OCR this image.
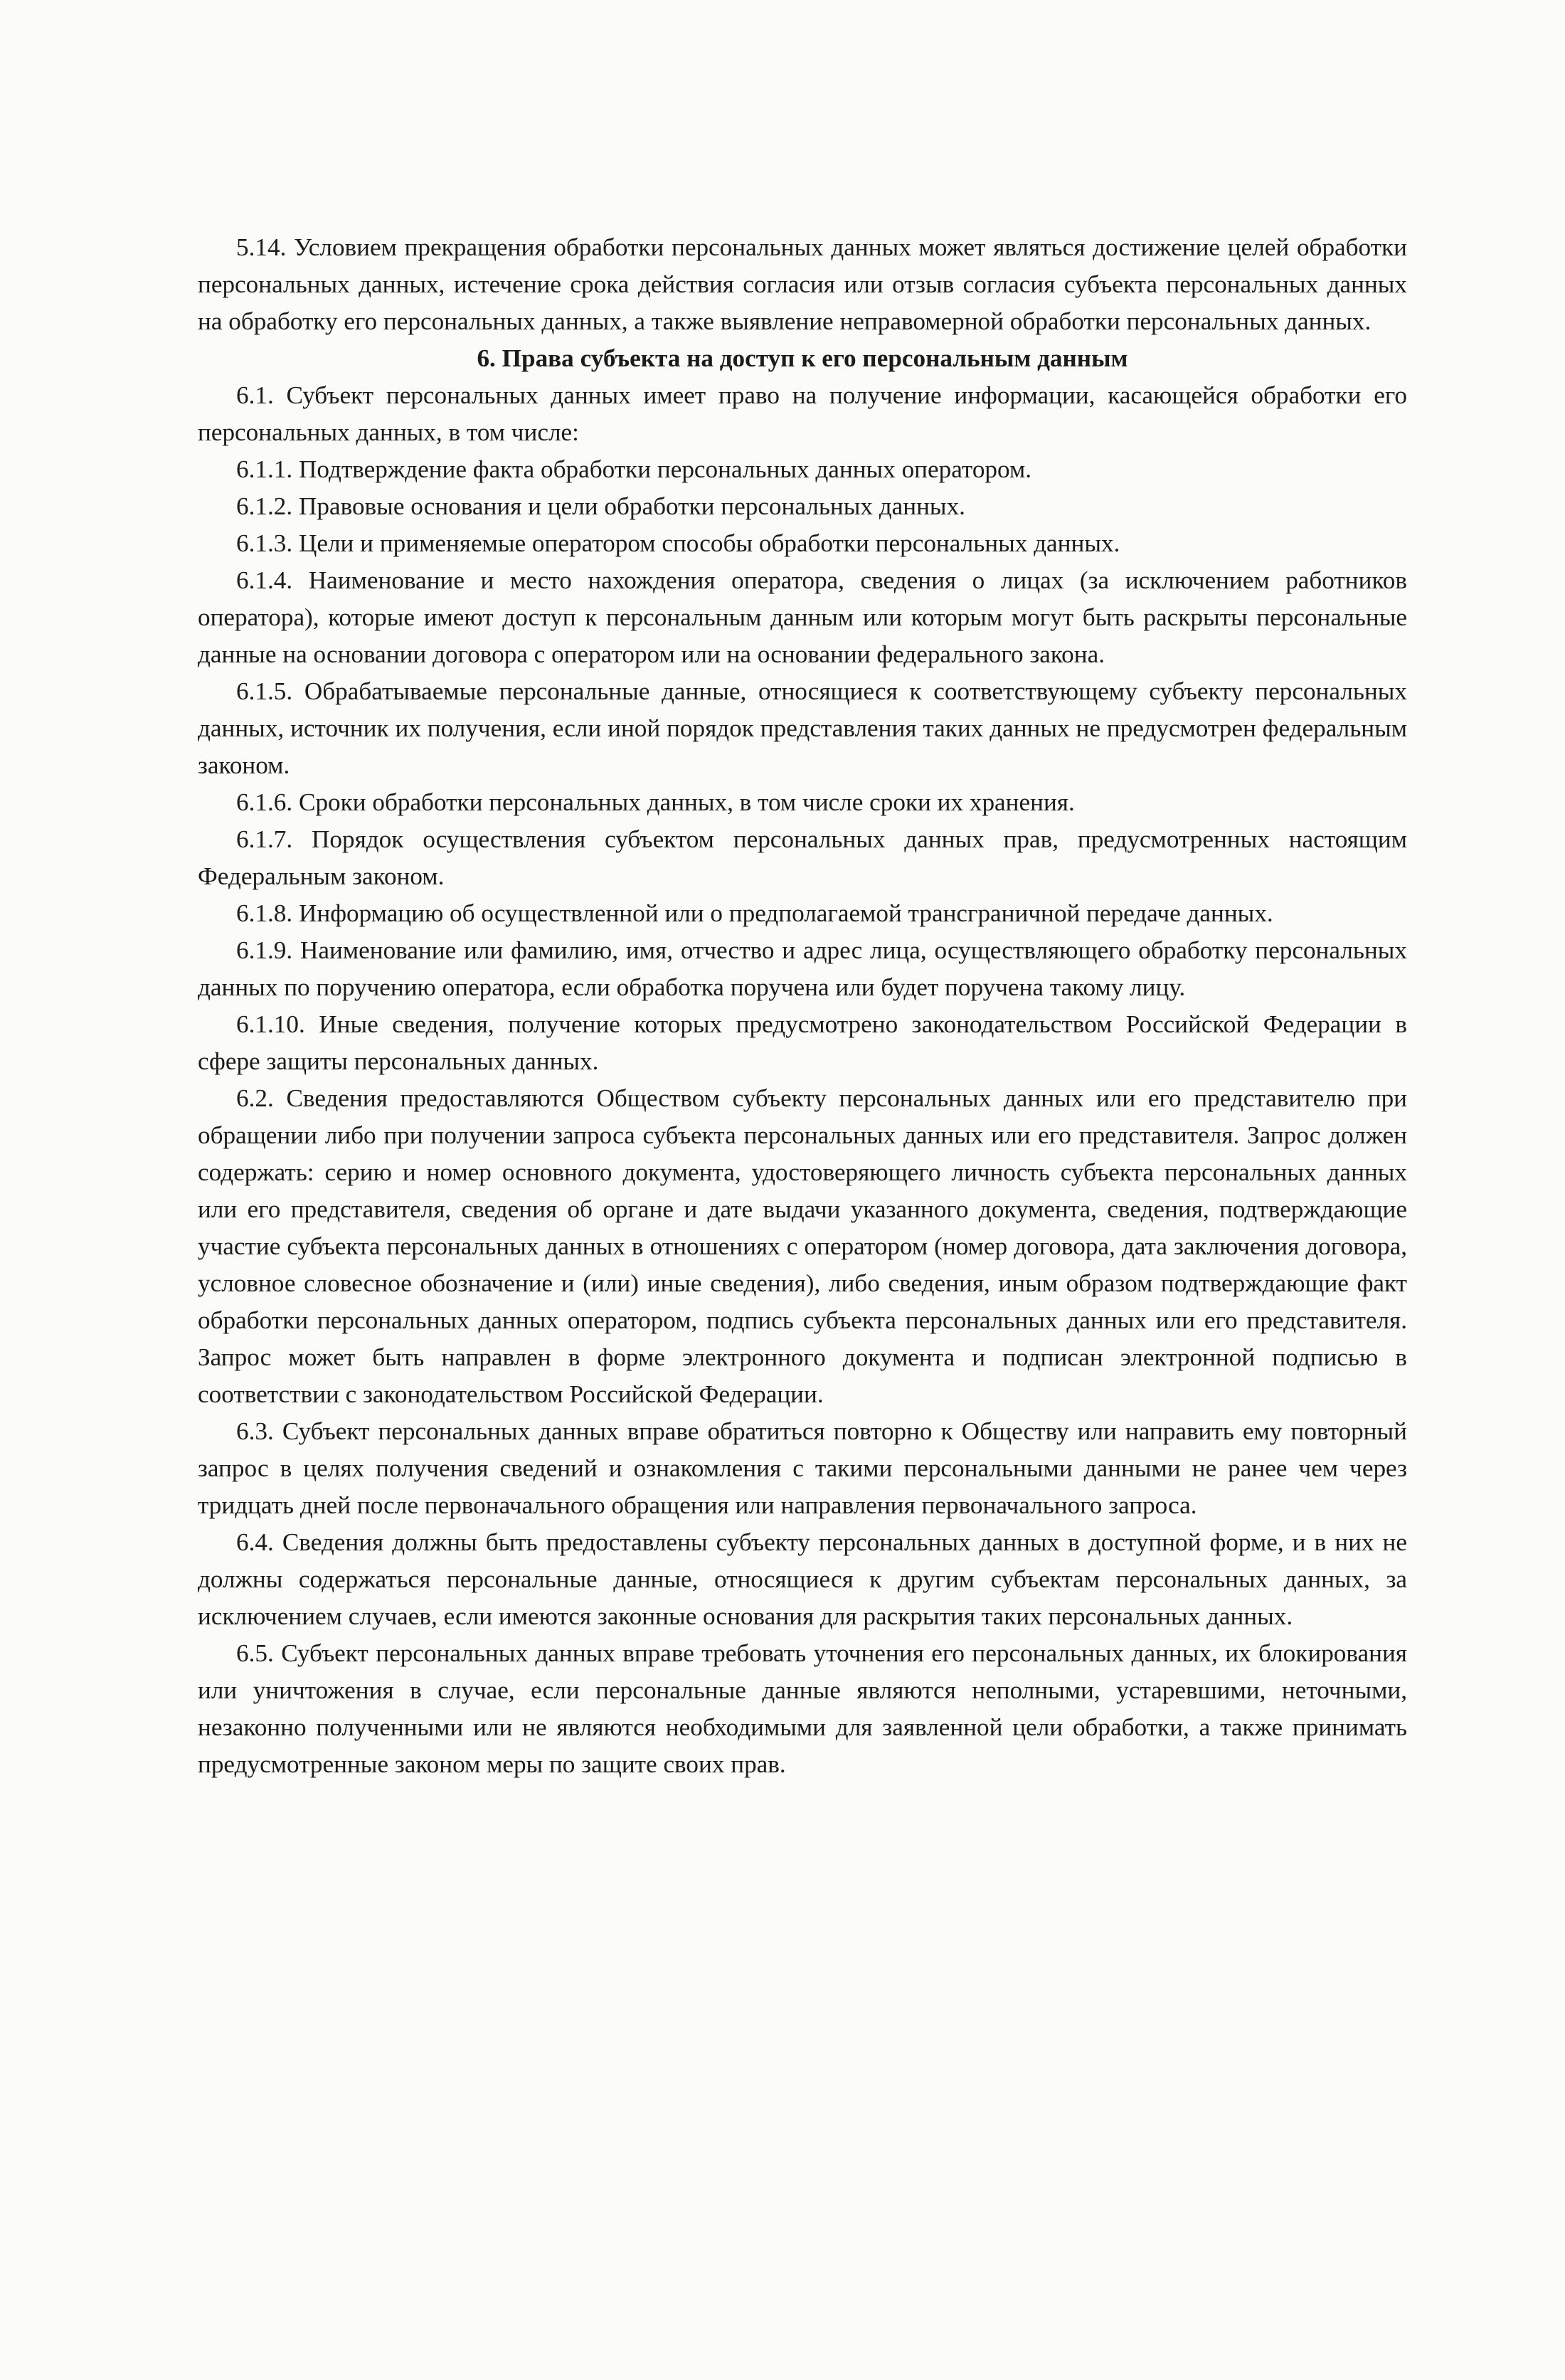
5.14. Условием прекращения обработки персональных данных может являться достижение целей обработки персональных данных, истечение срока действия согласия или отзыв согласия субъекта персональных данных на обработку его персональных данных, а также выявление неправомерной обработки персональных данных.

6. Права субъекта на доступ к его персональным данным

6.1. Субъект персональных данных имеет право на получение информации, касающейся обработки его персональных данных, в том числе:

6.1.1. Подтверждение факта обработки персональных данных оператором.

6.1.2. Правовые основания и цели обработки персональных данных.

6.1.3. Цели и применяемые оператором способы обработки персональных данных.

6.1.4. Наименование и место нахождения оператора, сведения о лицах (за исключением работников оператора), которые имеют доступ к персональным данным или которым могут быть раскрыты персональные данные на основании договора с оператором или на основании федерального закона.

6.1.5. Обрабатываемые персональные данные, относящиеся к соответствующему субъекту персональных данных, источник их получения, если иной порядок представления таких данных не предусмотрен федеральным законом.

6.1.6. Сроки обработки персональных данных, в том числе сроки их хранения.

6.1.7. Порядок осуществления субъектом персональных данных прав, предусмотренных настоящим Федеральным законом.

6.1.8. Информацию об осуществленной или о предполагаемой трансграничной передаче данных.

6.1.9. Наименование или фамилию, имя, отчество и адрес лица, осуществляющего обработку персональных данных по поручению оператора, если обработка поручена или будет поручена такому лицу.

6.1.10. Иные сведения, получение которых предусмотрено законодательством Российской Федерации в сфере защиты персональных данных.

6.2. Сведения предоставляются Обществом субъекту персональных данных или его представителю при обращении либо при получении запроса субъекта персональных данных или его представителя. Запрос должен содержать: серию и номер основного документа, удостоверяющего личность субъекта персональных данных или его представителя, сведения об органе и дате выдачи указанного документа, сведения, подтверждающие участие субъекта персональных данных в отношениях с оператором (номер договора, дата заключения договора, условное словесное обозначение и (или) иные сведения), либо сведения, иным образом подтверждающие факт обработки персональных данных оператором, подпись субъекта персональных данных или его представителя. Запрос может быть направлен в форме электронного документа и подписан электронной подписью в соответствии с законодательством Российской Федерации.

6.3. Субъект персональных данных вправе обратиться повторно к Обществу или направить ему повторный запрос в целях получения сведений и ознакомления с такими персональными данными не ранее чем через тридцать дней после первоначального обращения или направления первоначального запроса.

6.4. Сведения должны быть предоставлены субъекту персональных данных в доступной форме, и в них не должны содержаться персональные данные, относящиеся к другим субъектам персональных данных, за исключением случаев, если имеются законные основания для раскрытия таких персональных данных.

6.5. Субъект персональных данных вправе требовать уточнения его персональных данных, их блокирования или уничтожения в случае, если персональные данные являются неполными, устаревшими, неточными, незаконно полученными или не являются необходимыми для заявленной цели обработки, а также принимать предусмотренные законом меры по защите своих прав.
